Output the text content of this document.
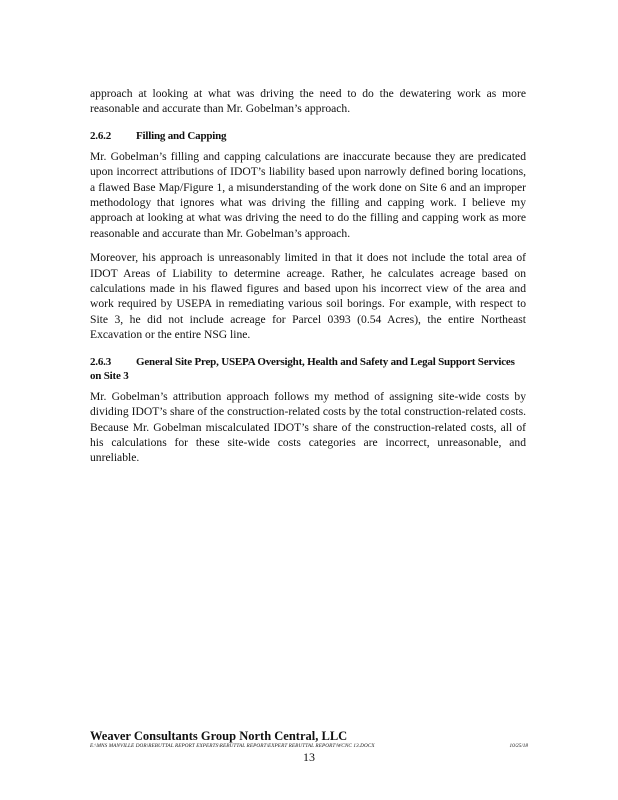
approach at looking at what was driving the need to do the dewatering work as more reasonable and accurate than Mr. Gobelman’s approach.

2.6.2 Filling and Capping

Mr. Gobelman’s filling and capping calculations are inaccurate because they are predicated upon incorrect attributions of IDOT’s liability based upon narrowly defined boring locations, a flawed Base Map/Figure 1, a misunderstanding of the work done on Site 6 and an improper methodology that ignores what was driving the filling and capping work. I believe my approach at looking at what was driving the need to do the filling and capping work as more reasonable and accurate than Mr. Gobelman’s approach.

Moreover, his approach is unreasonably limited in that it does not include the total area of IDOT Areas of Liability to determine acreage. Rather, he calculates acreage based on calculations made in his flawed figures and based upon his incorrect view of the area and work required by USEPA in remediating various soil borings. For example, with respect to Site 3, he did not include acreage for Parcel 0393 (0.54 Acres), the entire Northeast Excavation or the entire NSG line.

2.6.3 General Site Prep, USEPA Oversight, Health and Safety and Legal Support Services on Site 3

Mr. Gobelman’s attribution approach follows my method of assigning site-wide costs by dividing IDOT’s share of the construction-related costs by the total construction-related costs. Because Mr. Gobelman miscalculated IDOT’s share of the construction-related costs, all of his calculations for these site-wide costs categories are incorrect, unreasonable, and unreliable.

Weaver Consultants Group North Central, LLC

E:\MNS MANVILLE DOR\REBUTTAL REPORT EXPERTS\REBUTTAL REPORT\EXPERT REBUTTAL REPORT\WCNC 13.DOCX	10/25/18

13
